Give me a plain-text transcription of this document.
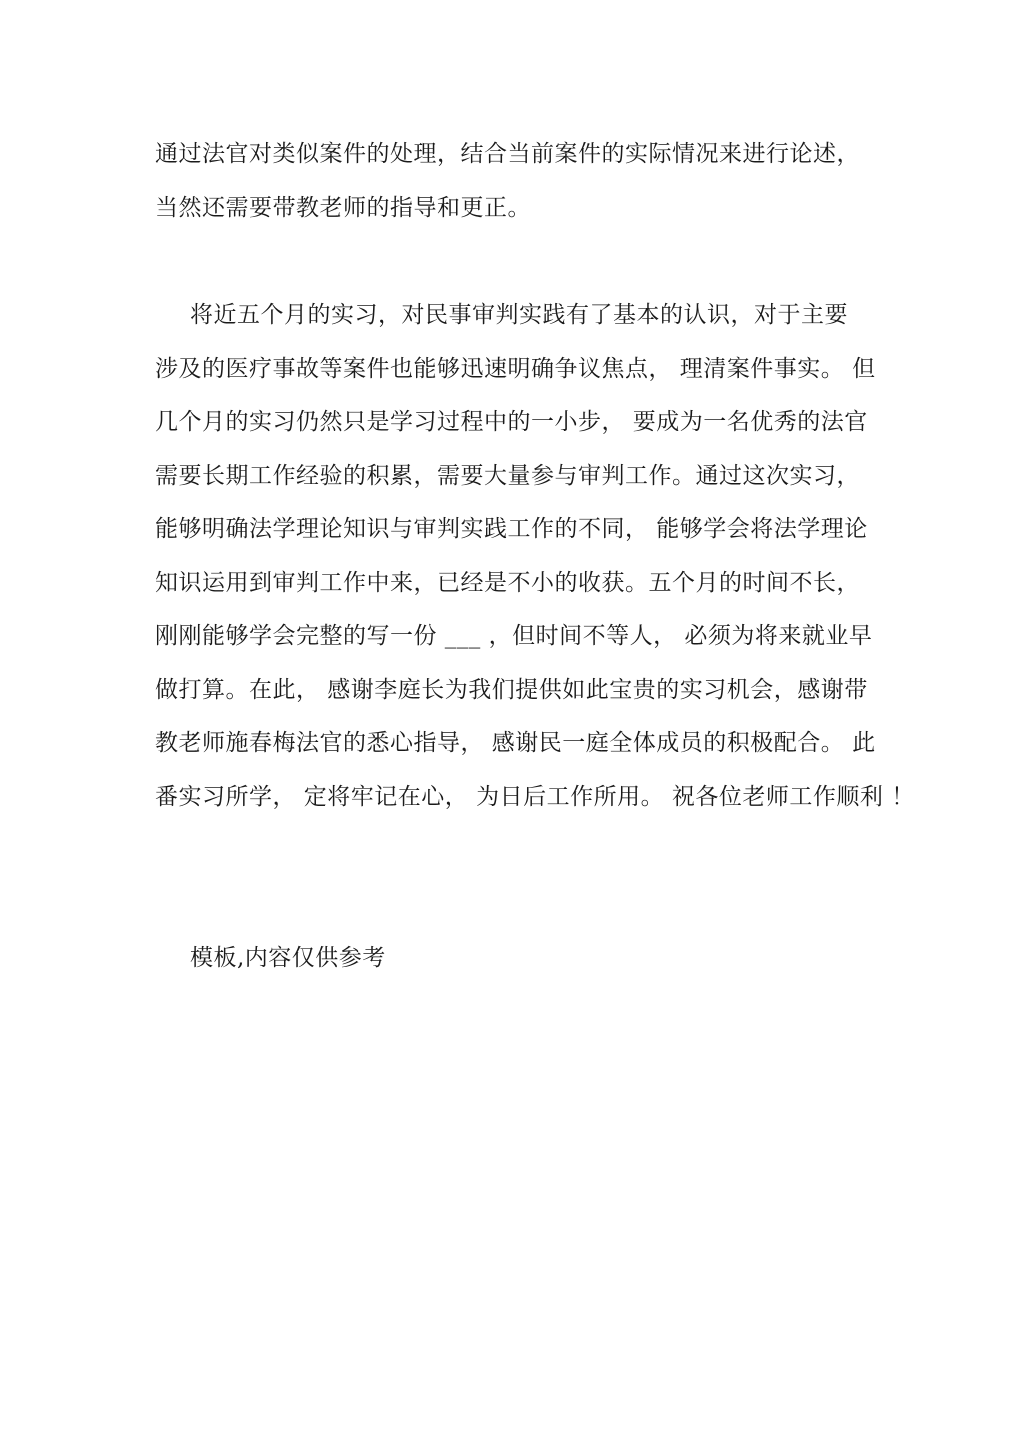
通过法官对类似案件的处理，结合当前案件的实际情况来进行论述，
当然还需要带教老师的指导和更正。
将近五个月的实习，对民事审判实践有了基本的认识，对于主要
涉及的医疗事故等案件也能够迅速明确争议焦点， 理清案件事实。 但
几个月的实习仍然只是学习过程中的一小步， 要成为一名优秀的法官
需要长期工作经验的积累，需要大量参与审判工作。通过这次实习，
能够明确法学理论知识与审判实践工作的不同， 能够学会将法学理论
知识运用到审判工作中来，已经是不小的收获。五个月的时间不长，
刚刚能够学会完整的写一份 ___ ，但时间不等人， 必须为将来就业早
做打算。在此， 感谢李庭长为我们提供如此宝贵的实习机会，感谢带
教老师施春梅法官的悉心指导， 感谢民一庭全体成员的积极配合。 此
番实习所学， 定将牢记在心， 为日后工作所用。 祝各位老师工作顺利 ！
模板,内容仅供参考
